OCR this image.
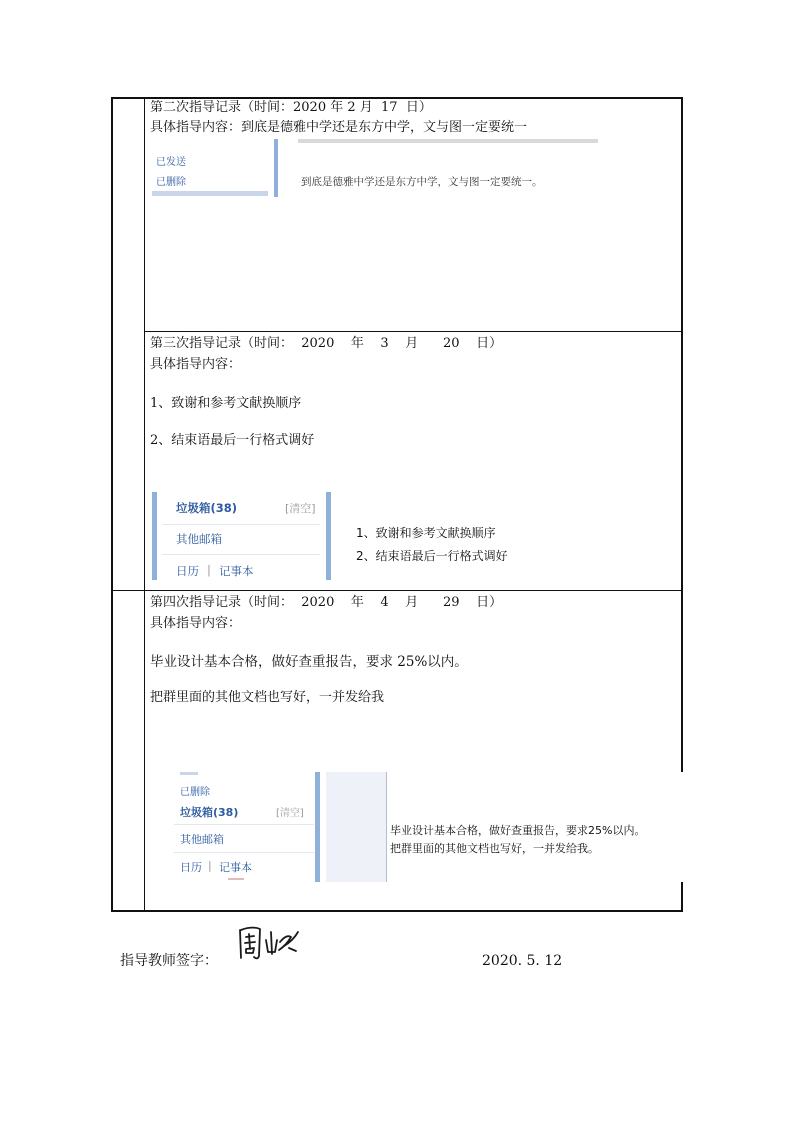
第二次指导记录（时间：2020 年 2 月  17  日）
具体指导内容：到底是德雅中学还是东方中学，文与图一定要统一
已发送
已删除	到底是德雅中学还是东方中学，文与图一定要统一。
第三次指导记录（时间：  2020    年    3    月      20    日）
具体指导内容：
1、致谢和参考文献换顺序
2、结束语最后一行格式调好
垃圾箱(38)	[清空]
其他邮箱
日历 | 记事本
1、致谢和参考文献换顺序
2、结束语最后一行格式调好
第四次指导记录（时间：  2020    年    4    月      29    日）
具体指导内容：
毕业设计基本合格，做好查重报告，要求 25%以内。
把群里面的其他文档也写好，一并发给我
已删除
垃圾箱(38)	[清空]
其他邮箱
日历 | 记事本
毕业设计基本合格，做好查重报告，要求25%以内。
把群里面的其他文档也写好，一并发给我。
指导教师签字：	2020. 5. 12
